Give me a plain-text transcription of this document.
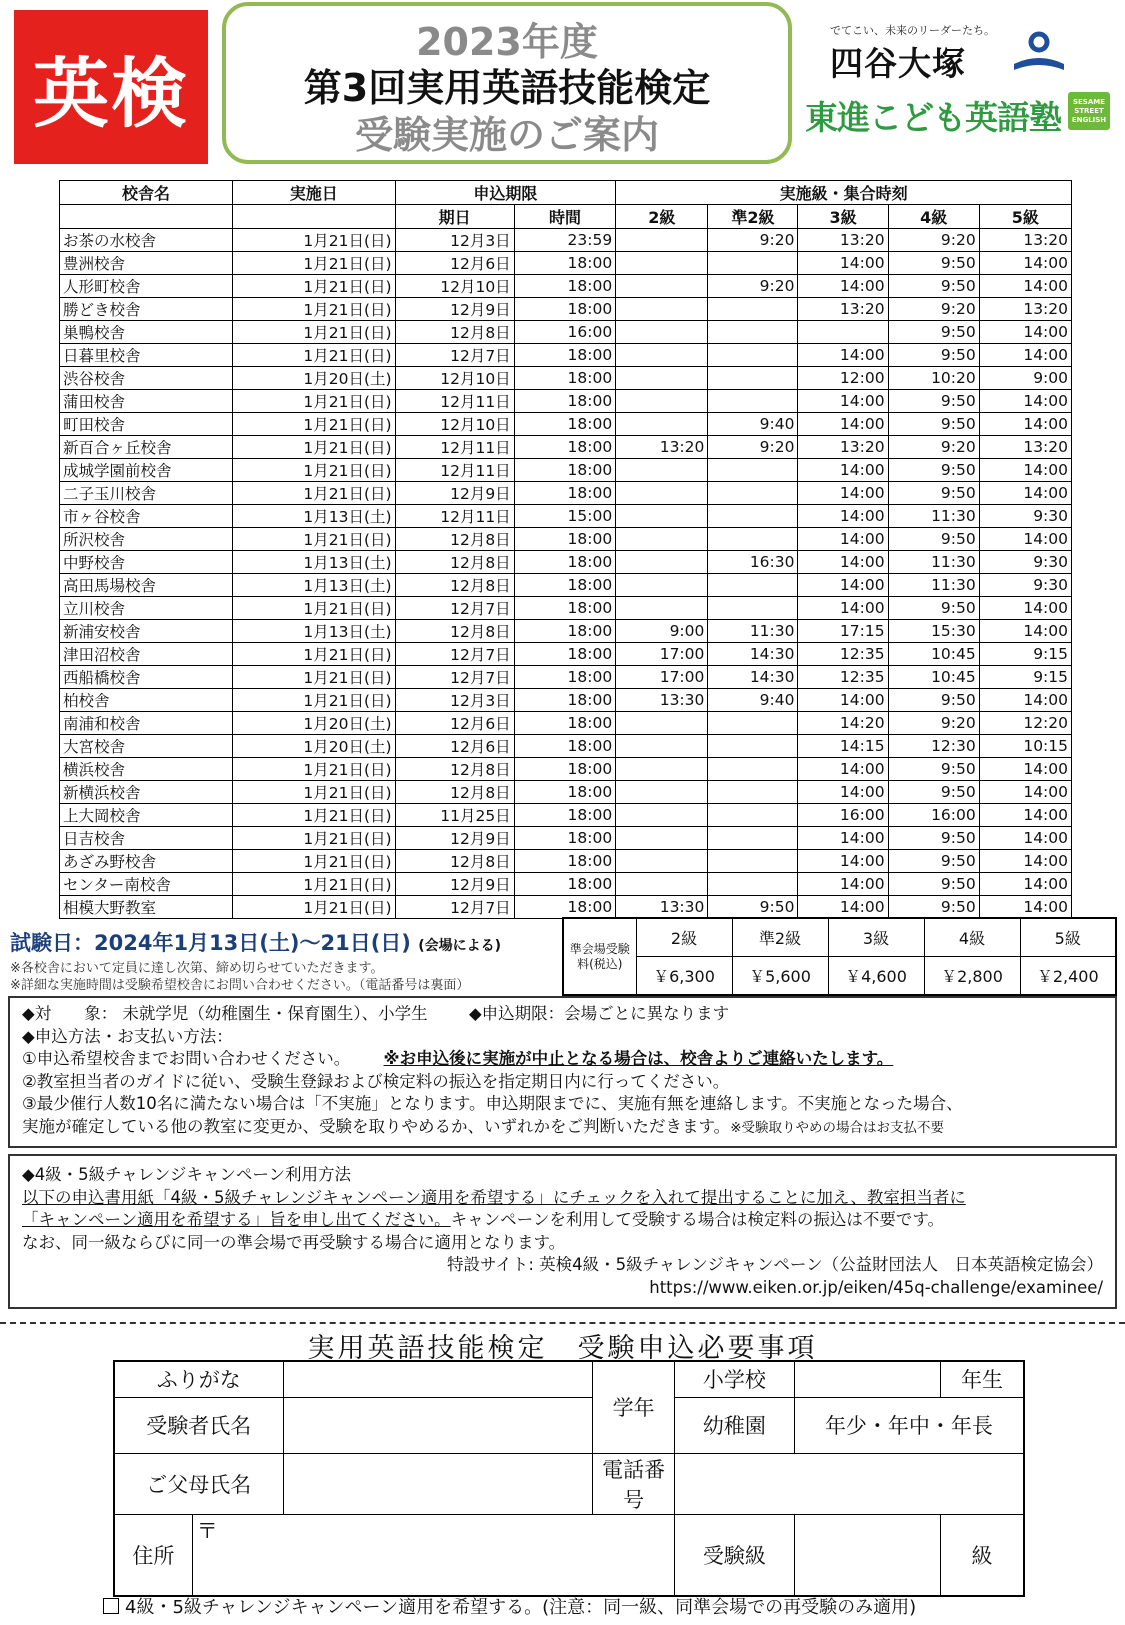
英検
2023年度
第3回実用英語技能検定
受験実施のご案内
でてこい、未来のリーダーたち。
四谷大塚
東進こども英語塾	SESAME STREET ENGLISH
校舎名	実施日	申込期限		実施級・集合時刻				
		期日	時間	2級	準2級	3級	4級	5級
お茶の水校舎	1月21日(日)	12月3日	23:59		9:20	13:20	9:20	13:20
豊洲校舎	1月21日(日)	12月6日	18:00			14:00	9:50	14:00
人形町校舎	1月21日(日)	12月10日	18:00		9:20	14:00	9:50	14:00
勝どき校舎	1月21日(日)	12月9日	18:00			13:20	9:20	13:20
巣鴨校舎	1月21日(日)	12月8日	16:00				9:50	14:00
日暮里校舎	1月21日(日)	12月7日	18:00			14:00	9:50	14:00
渋谷校舎	1月20日(土)	12月10日	18:00			12:00	10:20	9:00
蒲田校舎	1月21日(日)	12月11日	18:00			14:00	9:50	14:00
町田校舎	1月21日(日)	12月10日	18:00		9:40	14:00	9:50	14:00
新百合ヶ丘校舎	1月21日(日)	12月11日	18:00	13:20	9:20	13:20	9:20	13:20
成城学園前校舎	1月21日(日)	12月11日	18:00			14:00	9:50	14:00
二子玉川校舎	1月21日(日)	12月9日	18:00			14:00	9:50	14:00
市ヶ谷校舎	1月13日(土)	12月11日	15:00			14:00	11:30	9:30
所沢校舎	1月21日(日)	12月8日	18:00			14:00	9:50	14:00
中野校舎	1月13日(土)	12月8日	18:00		16:30	14:00	11:30	9:30
高田馬場校舎	1月13日(土)	12月8日	18:00			14:00	11:30	9:30
立川校舎	1月21日(日)	12月7日	18:00			14:00	9:50	14:00
新浦安校舎	1月13日(土)	12月8日	18:00	9:00	11:30	17:15	15:30	14:00
津田沼校舎	1月21日(日)	12月7日	18:00	17:00	14:30	12:35	10:45	9:15
西船橋校舎	1月21日(日)	12月7日	18:00	17:00	14:30	12:35	10:45	9:15
柏校舎	1月21日(日)	12月3日	18:00	13:30	9:40	14:00	9:50	14:00
南浦和校舎	1月20日(土)	12月6日	18:00			14:20	9:20	12:20
大宮校舎	1月20日(土)	12月6日	18:00			14:15	12:30	10:15
横浜校舎	1月21日(日)	12月8日	18:00			14:00	9:50	14:00
新横浜校舎	1月21日(日)	12月8日	18:00			14:00	9:50	14:00
上大岡校舎	1月21日(日)	11月25日	18:00			16:00	16:00	14:00
日吉校舎	1月21日(日)	12月9日	18:00			14:00	9:50	14:00
あざみ野校舎	1月21日(日)	12月8日	18:00			14:00	9:50	14:00
センター南校舎	1月21日(日)	12月9日	18:00			14:00	9:50	14:00
相模大野教室	1月21日(日)	12月7日	18:00	13:30	9:50	14:00	9:50	14:00
試験日：2024年1月13日(土)～21日(日) (会場による)
※各校舎において定員に達し次第、締め切らせていただきます。
※詳細な実施時間は受験希望校舎にお問い合わせください。（電話番号は裏面）
準会場受験料(税込)	2級	準2級	3級	4級	5級
	￥6,300	￥5,600	￥4,600	￥2,800	￥2,400
◆対　　象： 未就学児（幼稚園生・保育園生）、小学生	◆申込期限：会場ごとに異なります
◆申込方法・お支払い方法：
①申込希望校舎までお問い合わせください。 ※お申込後に実施が中止となる場合は、校舎よりご連絡いたします。
②教室担当者のガイドに従い、受験生登録および検定料の振込を指定期日内に行ってください。
③最少催行人数10名に満たない場合は「不実施」となります。申込期限までに、実施有無を連絡します。不実施となった場合、
実施が確定している他の教室に変更か、受験を取りやめるか、いずれかをご判断いただきます。※受験取りやめの場合はお支払不要
◆4級・5級チャレンジキャンペーン利用方法
以下の申込書用紙「4級・5級チャレンジキャンペーン適用を希望する」にチェックを入れて提出することに加え、教室担当者に
「キャンペーン適用を希望する」旨を申し出てください。キャンペーンを利用して受験する場合は検定料の振込は不要です。
なお、同一級ならびに同一の準会場で再受験する場合に適用となります。
特設サイト: 英検4級・5級チャレンジキャンペーン（公益財団法人　日本英語検定協会）
https://www.eiken.or.jp/eiken/45q-challenge/examinee/
実用英語技能検定　受験申込必要事項
ふりがな			学年	小学校		年生
受験者氏名				幼稚園	年少・年中・年長	
ご父母氏名			電話番号			
住所	〒			受験級		級
4級・5級チャレンジキャンペーン適用を希望する。(注意：同一級、同準会場での再受験のみ適用)
